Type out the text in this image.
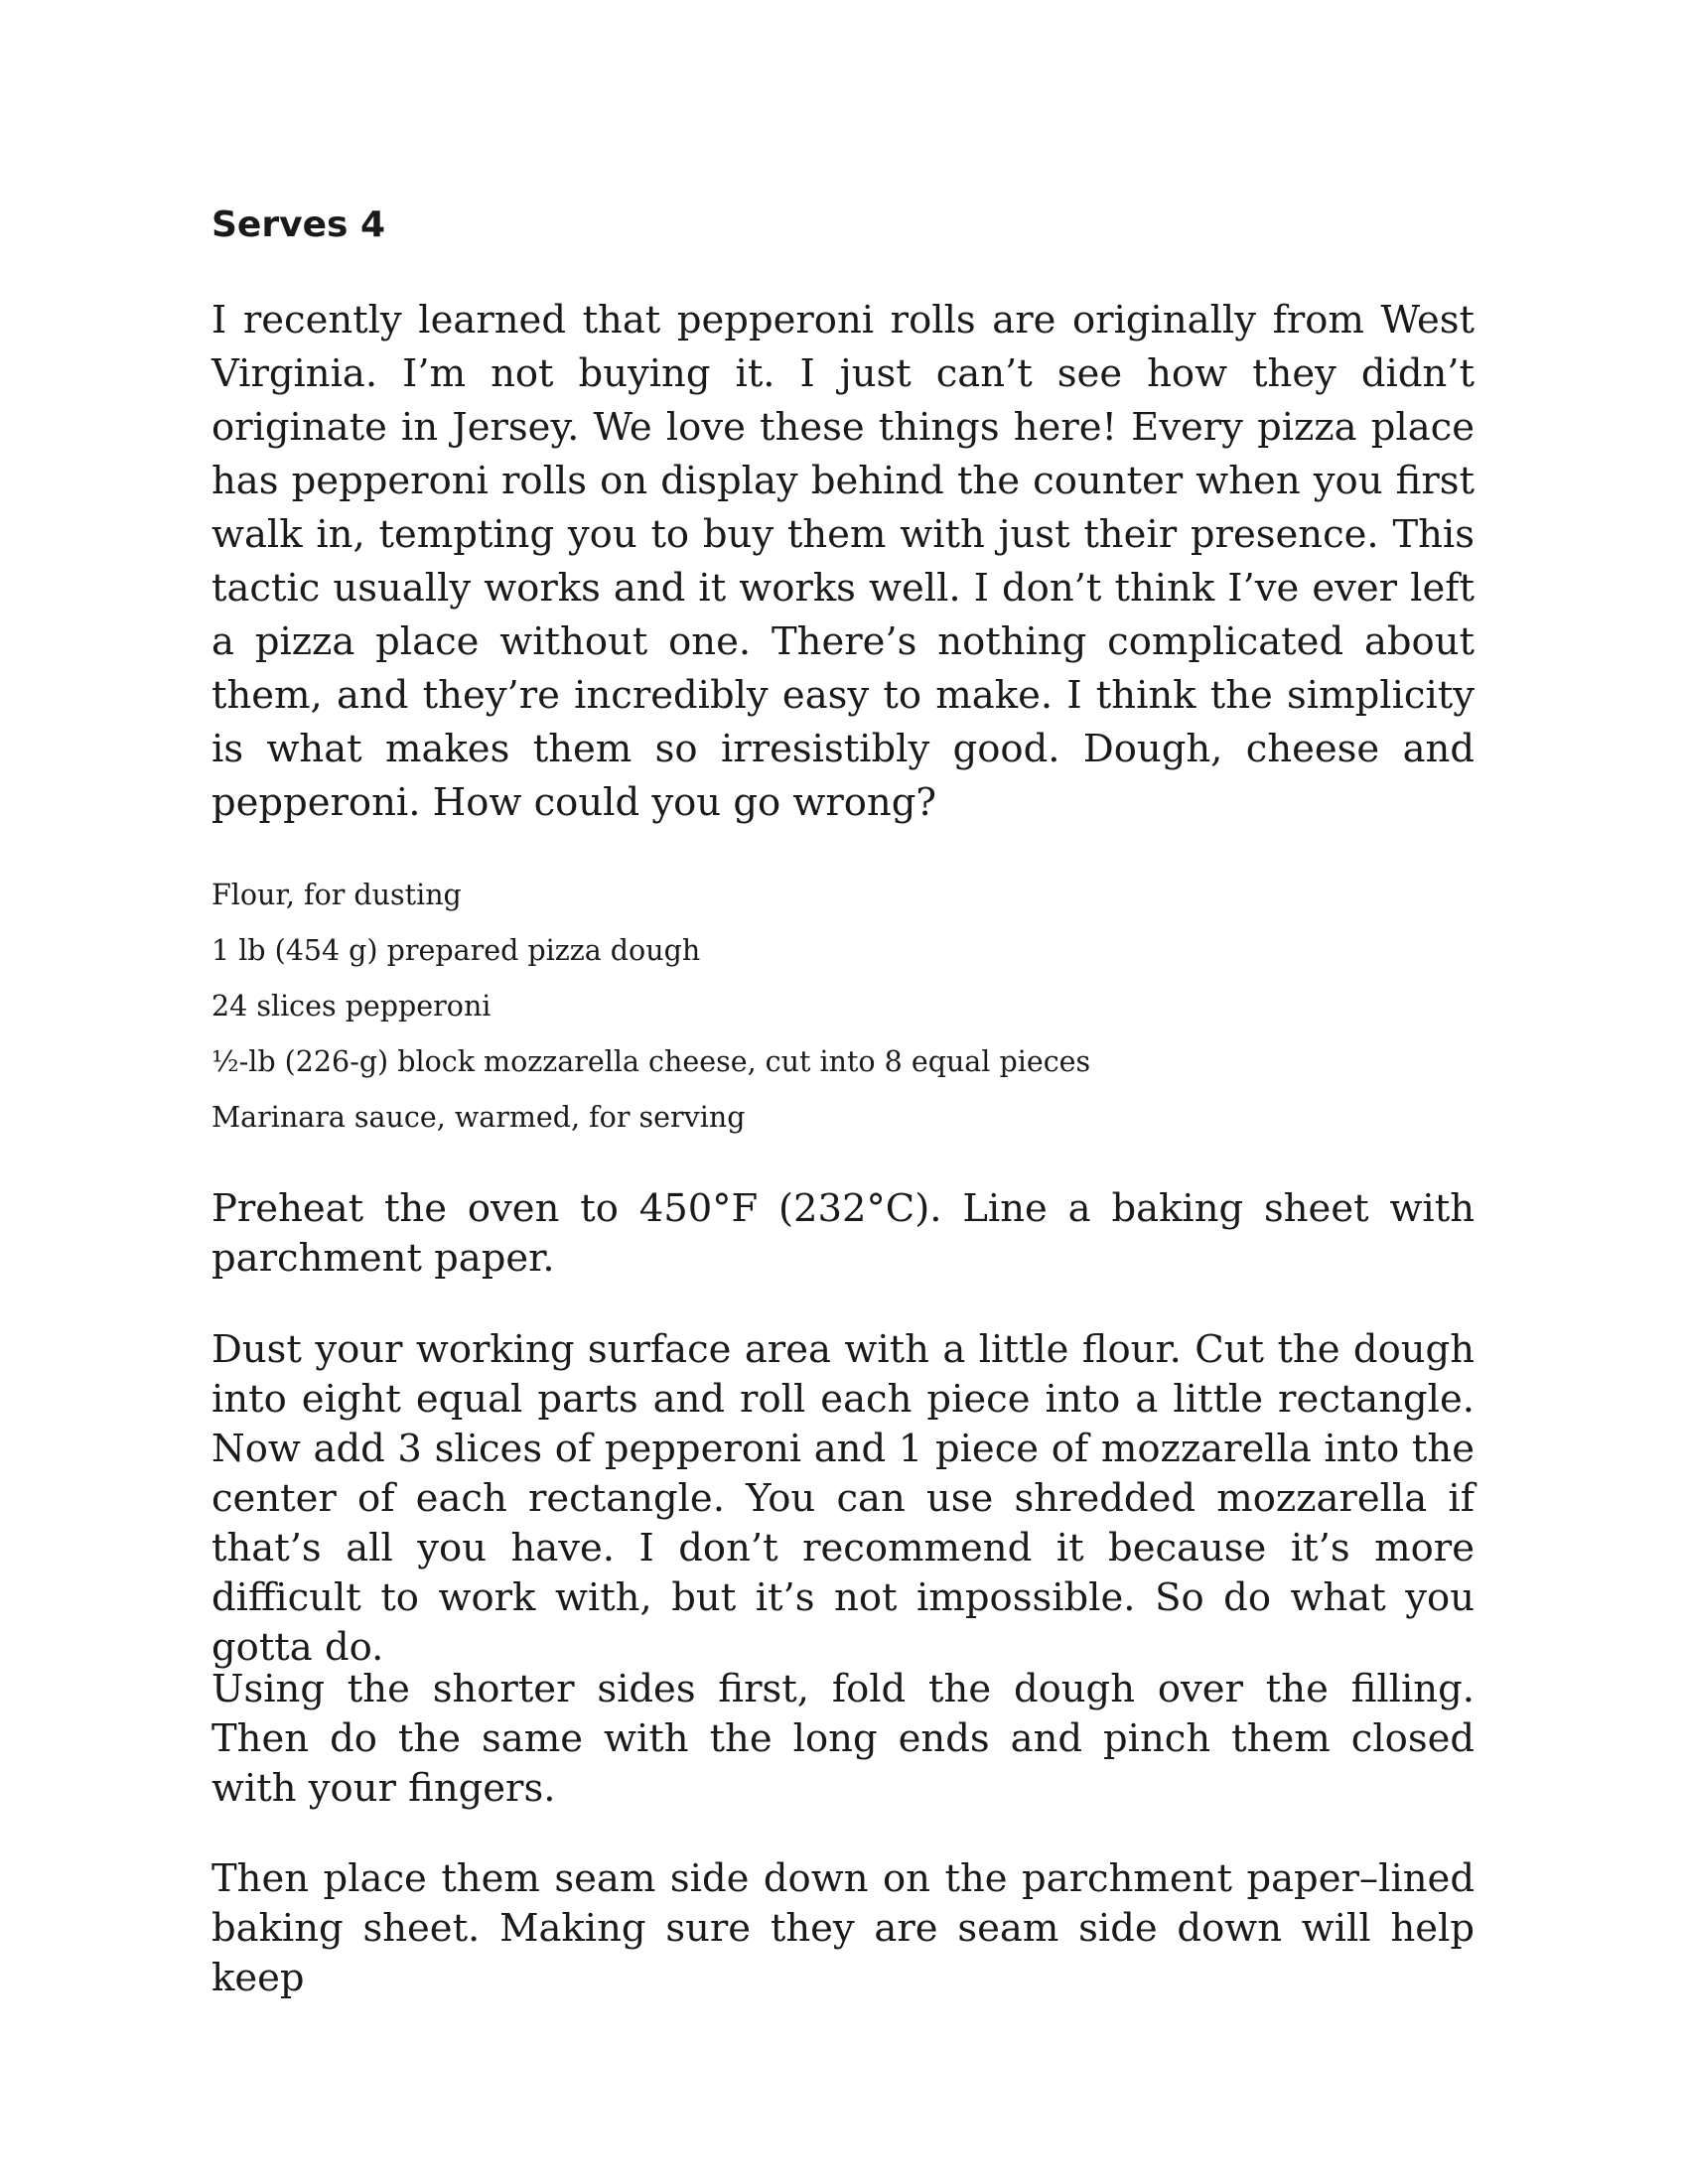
Serves 4

I recently learned that pepperoni rolls are originally from West Virginia. I’m not buying it. I just can’t see how they didn’t originate in Jersey. We love these things here! Every pizza place has pepperoni rolls on display behind the counter when you first walk in, tempting you to buy them with just their presence. This tactic usually works and it works well. I don’t think I’ve ever left a pizza place without one. There’s nothing complicated about them, and they’re incredibly easy to make. I think the simplicity is what makes them so irresistibly good. Dough, cheese and pepperoni. How could you go wrong?

Flour, for dusting
1 lb (454 g) prepared pizza dough
24 slices pepperoni
½-lb (226-g) block mozzarella cheese, cut into 8 equal pieces
Marinara sauce, warmed, for serving

Preheat the oven to 450°F (232°C). Line a baking sheet with parchment paper.

Dust your working surface area with a little flour. Cut the dough into eight equal parts and roll each piece into a little rectangle. Now add 3 slices of pepperoni and 1 piece of mozzarella into the center of each rectangle. You can use shredded mozzarella if that’s all you have. I don’t recommend it because it’s more difficult to work with, but it’s not impossible. So do what you gotta do.

Using the shorter sides first, fold the dough over the filling. Then do the same with the long ends and pinch them closed with your fingers.

Then place them seam side down on the parchment paper–lined baking sheet. Making sure they are seam side down will help keep
